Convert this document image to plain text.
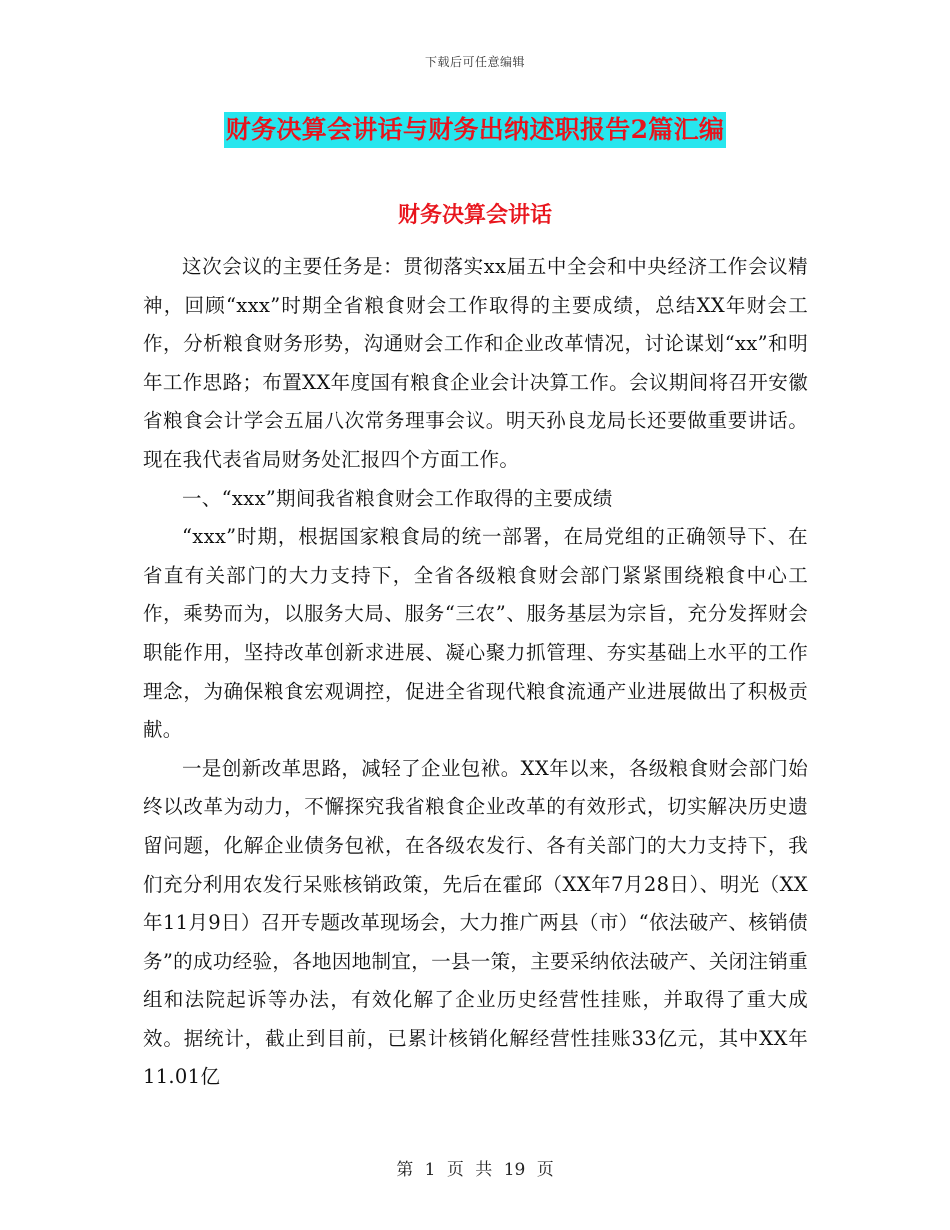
下载后可任意编辑
财务决算会讲话与财务出纳述职报告2篇汇编
财务决算会讲话

这次会议的主要任务是：贯彻落实xx届五中全会和中央经济工作会议精神，回顾“xxx”时期全省粮食财会工作取得的主要成绩，总结XX年财会工作，分析粮食财务形势，沟通财会工作和企业改革情况，讨论谋划“xx”和明年工作思路；布置XX年度国有粮食企业会计决算工作。会议期间将召开安徽省粮食会计学会五届八次常务理事会议。明天孙良龙局长还要做重要讲话。现在我代表省局财务处汇报四个方面工作。

一、“xxx”期间我省粮食财会工作取得的主要成绩

“xxx”时期，根据国家粮食局的统一部署，在局党组的正确领导下、在省直有关部门的大力支持下，全省各级粮食财会部门紧紧围绕粮食中心工作，乘势而为，以服务大局、服务“三农”、服务基层为宗旨，充分发挥财会职能作用，坚持改革创新求进展、凝心聚力抓管理、夯实基础上水平的工作理念，为确保粮食宏观调控，促进全省现代粮食流通产业进展做出了积极贡献。

一是创新改革思路，减轻了企业包袱。XX年以来，各级粮食财会部门始终以改革为动力，不懈探究我省粮食企业改革的有效形式，切实解决历史遗留问题，化解企业债务包袱，在各级农发行、各有关部门的大力支持下，我们充分利用农发行呆账核销政策，先后在霍邱（XX年7月28日）、明光（XX年11月9日）召开专题改革现场会，大力推广两县（市）“依法破产、核销债务”的成功经验，各地因地制宜，一县一策，主要采纳依法破产、关闭注销重组和法院起诉等办法，有效化解了企业历史经营性挂账，并取得了重大成效。据统计，截止到目前，已累计核销化解经营性挂账33亿元，其中XX年11.01亿

第 1 页 共 19 页
